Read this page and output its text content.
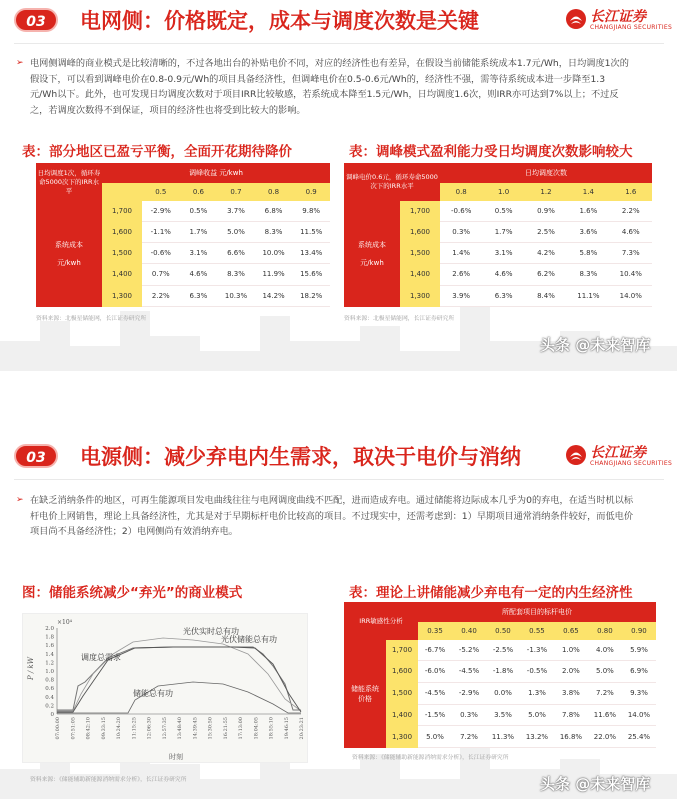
03	电网侧：价格既定，成本与调度次数是关键	长江证券
CHANGJIANG SECURITIES
➢ 电网侧调峰的商业模式是比较清晰的，不过各地出台的补贴电价不同，对应的经济性也有差异，在假设当前储能系统成本1.7元/Wh，日均调度1次的假设下，可以看到调峰电价在0.8-0.9元/Wh的项目具备经济性，但调峰电价在0.5-0.6元/Wh的，经济性不强，需等待系统成本进一步降至1.3元/Wh以下。此外，也可发现日均调度次数对于项目IRR比较敏感，若系统成本降至1.5元/Wh，日均调度1.6次，则IRR亦可达到7%以上；不过反之，若调度次数得不到保证，项目的经济性也将受到比较大的影响。
表：部分地区已盈亏平衡，全面开花期待降价	表：调峰模式盈利能力受日均调度次数影响较大
日均调度1次，循环寿命5000次下的IRR水平	调峰收益 元/kwh					
		0.5	0.6	0.7	0.8	0.9
系统成本

元/kwh	1,700	-2.9%	0.5%	3.7%	6.8%	9.8%
	1,600	-1.1%	1.7%	5.0%	8.3%	11.5%
	1,500	-0.6%	3.1%	6.6%	10.0%	13.4%
	1,400	0.7%	4.6%	8.3%	11.9%	15.6%
	1,300	2.2%	6.3%	10.3%	14.2%	18.2%
资料来源：北极星储能网，长江证券研究所
调峰电价0.6元，循环寿命5000次下的IRR水平		日均调度次数				
		0.8	1.0	1.2	1.4	1.6
系统成本

元/kwh	1,700	-0.6%	0.5%	0.9%	1.6%	2.2%
	1,600	0.3%	1.7%	2.5%	3.6%	4.6%
	1,500	1.4%	3.1%	4.2%	5.8%	7.3%
	1,400	2.6%	4.6%	6.2%	8.3%	10.4%
	1,300	3.9%	6.3%	8.4%	11.1%	14.0%
资料来源：北极星储能网，长江证券研究所
头条 @未来智库
03	电源侧：减少弃电内生需求，取决于电价与消纳	长江证券
CHANGJIANG SECURITIES
➢ 在缺乏消纳条件的地区，可再生能源项目发电曲线往往与电网调度曲线不匹配，进而造成弃电。通过储能将边际成本几乎为0的弃电，在适当时机以标杆电价上网销售，理论上具备经济性，尤其是对于早期标杆电价比较高的项目。不过现实中，还需考虑到：1）早期项目通常消纳条件较好，而低电价项目尚不具备经济性；2）电网侧尚有效消纳弃电。
图：储能系统减少“弃光”的商业模式	表：理论上讲储能减少弃电有一定的内生经济性
×10⁴
P / kW
0
0.2
0.4
0.6
0.8
1.0
1.2
1.4
1.6
1.8
2.0
07:00:00 07:51:05 08:42:10 09:33:15 10:24:20 11:15:25 12:06:30 12:57:35 13:48:40 14:39:45 15:30:50 16:21:55 17:13:00 18:04:05 18:55:10 19:46:15 20:23:21
光伏实时总有功
调度总需求
光伏储能总有功
储能总有功
时刻
资料来源：《储能辅助新能源消纳需求分析》，长江证券研究所
IRR敏感性分析		所配套项目的标杆电价						
		0.35	0.40	0.50	0.55	0.65	0.80	0.90
储能系统
价格	1,700	-6.7%	-5.2%	-2.5%	-1.3%	1.0%	4.0%	5.9%
	1,600	-6.0%	-4.5%	-1.8%	-0.5%	2.0%	5.0%	6.9%
	1,500	-4.5%	-2.9%	0.0%	1.3%	3.8%	7.2%	9.3%
	1,400	-1.5%	0.3%	3.5%	5.0%	7.8%	11.6%	14.0%
	1,300	5.0%	7.2%	11.3%	13.2%	16.8%	22.0%	25.4%
资料来源：《储能辅助新能源消纳需求分析》，长江证券研究所
头条 @未来智库
